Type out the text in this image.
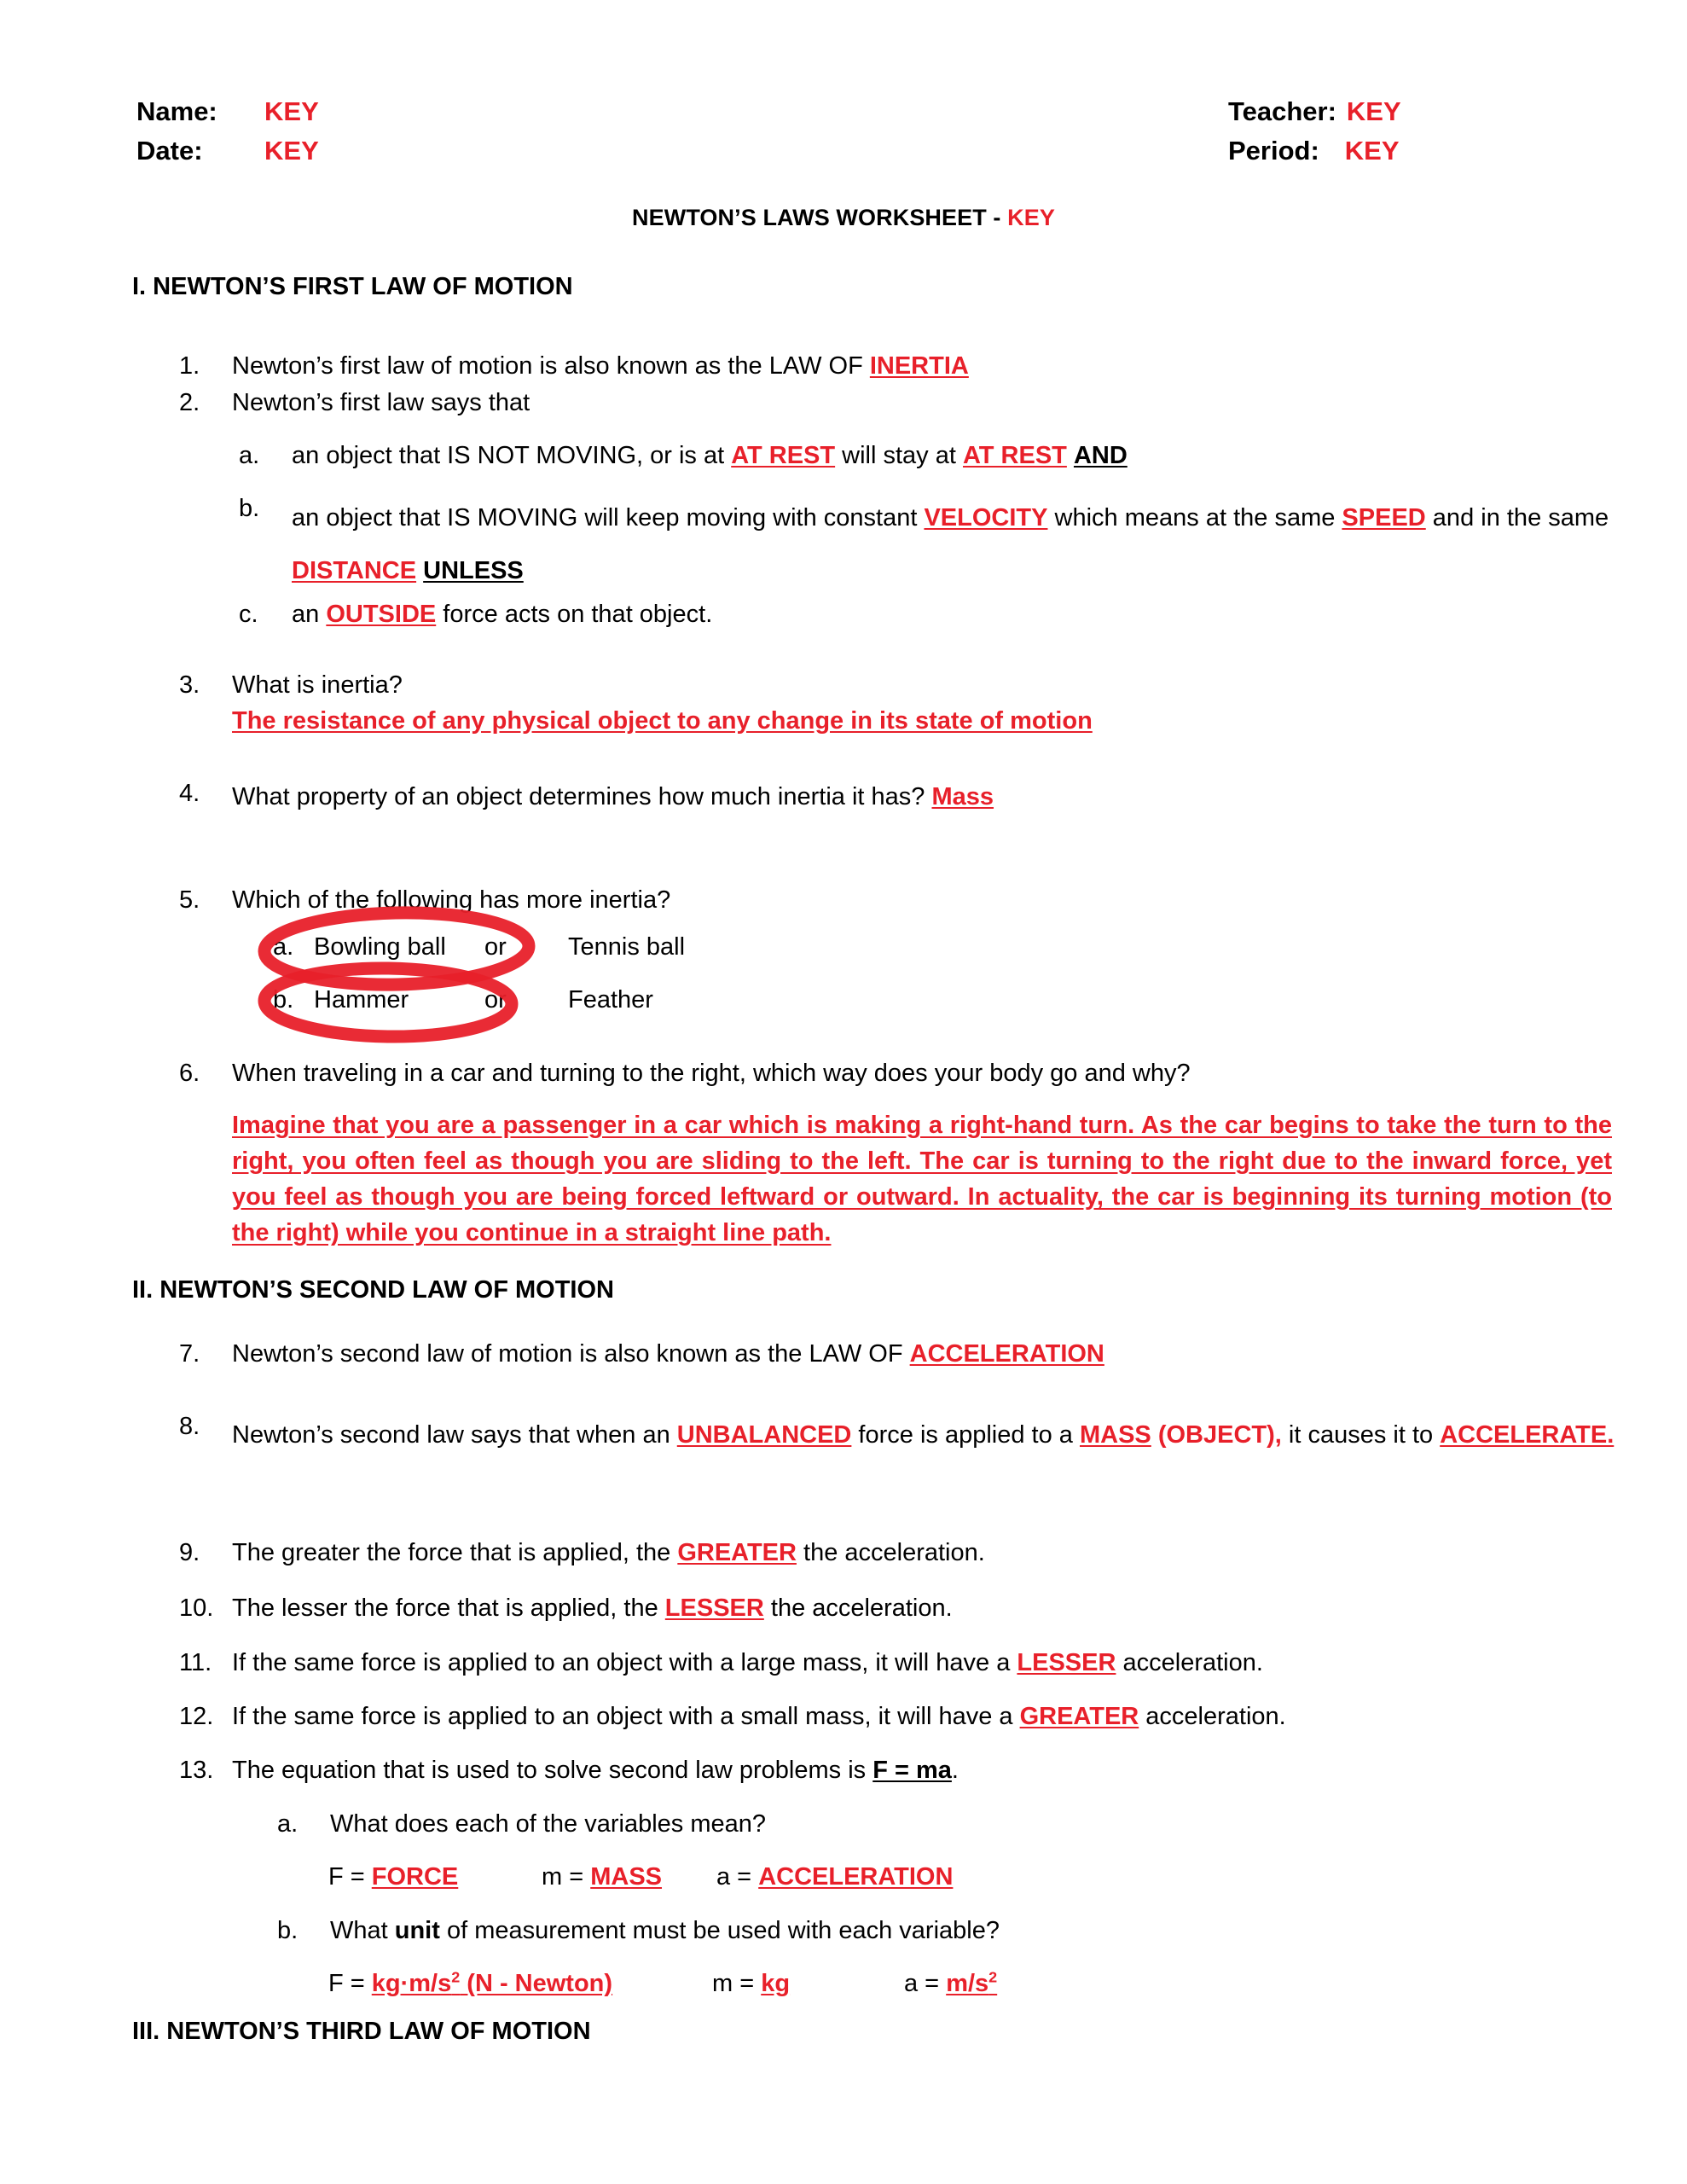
Name: KEY
Date: KEY
Teacher: KEY
Period: KEY
NEWTON’S LAWS WORKSHEET - KEY
I. NEWTON’S FIRST LAW OF MOTION
1.	Newton’s first law of motion is also known as the LAW OF INERTIA
2.	Newton’s first law says that
a.	an object that IS NOT MOVING, or is at AT REST will stay at AT REST AND
b.	an object that IS MOVING will keep moving with constant VELOCITY which means at the same SPEED and in the same DISTANCE UNLESS
c.	an OUTSIDE force acts on that object.
3.	What is inertia?
The resistance of any physical object to any change in its state of motion
4.	What property of an object determines how much inertia it has? Mass
5.	Which of the following has more inertia?
a. Bowling ball or Tennis ball
b. Hammer	or Feather
6.	When traveling in a car and turning to the right, which way does your body go and why?
Imagine that you are a passenger in a car which is making a right-hand turn. As the car begins to take the turn to the right, you often feel as though you are sliding to the left. The car is turning to the right due to the inward force, yet you feel as though you are being forced leftward or outward. In actuality, the car is beginning its turning motion (to the right) while you continue in a straight line path.
II. NEWTON’S SECOND LAW OF MOTION
7.	Newton’s second law of motion is also known as the LAW OF ACCELERATION
8.	Newton’s second law says that when an UNBALANCED force is applied to a MASS (OBJECT), it causes it to ACCELERATE.
9.	The greater the force that is applied, the GREATER the acceleration.
10. The lesser the force that is applied, the LESSER the acceleration.
11. If the same force is applied to an object with a large mass, it will have a LESSER acceleration.
12. If the same force is applied to an object with a small mass, it will have a GREATER acceleration.
13. The equation that is used to solve second law problems is F = ma.
a.	What does each of the variables mean?
F = FORCE	m = MASS a = ACCELERATION
b.	What unit of measurement must be used with each variable?
$F = kg\cdot m/s^2$ (N - Newton)	m = kg	$a = m/s^2$
III. NEWTON’S THIRD LAW OF MOTION
